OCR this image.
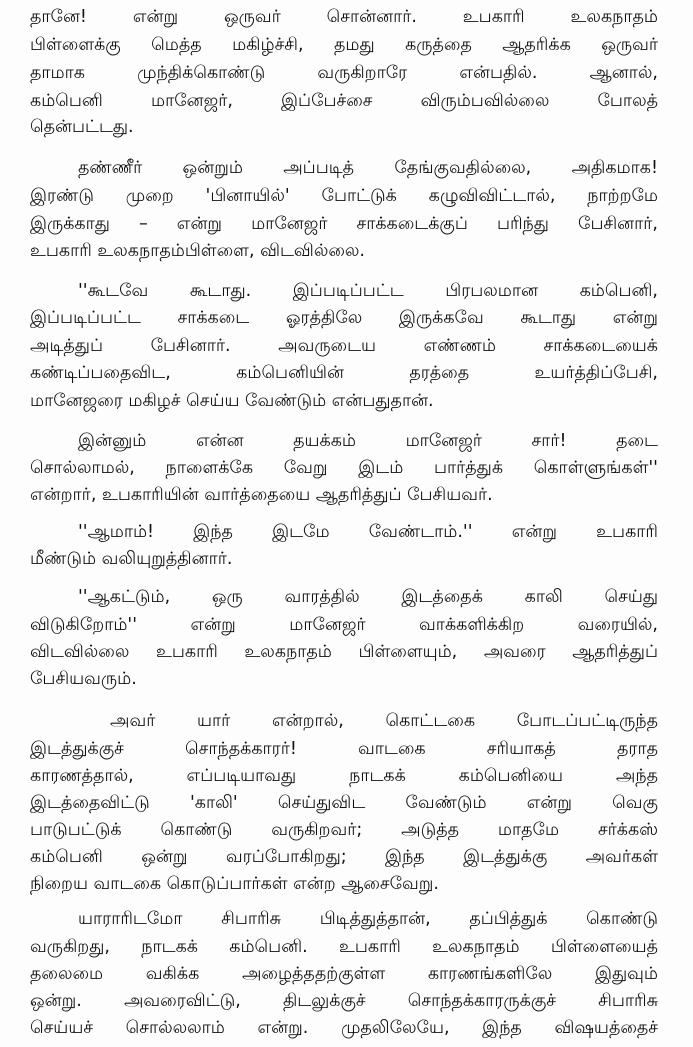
தானே! என்று ஒருவர் சொன்னார். உபகாரி உலகநாதம்
பிள்ளைக்கு மெத்த மகிழ்ச்சி, தமது கருத்தை ஆதரிக்க ஒருவர்
தாமாக முந்திக்கொண்டு வருகிறாரே என்பதில். ஆனால்,
கம்பெனி மானேஜர், இப்பேச்சை விரும்பவில்லை போலத்
தென்பட்டது.
தண்ணீர் ஒன்றும் அப்படித் தேங்குவதில்லை, அதிகமாக!
இரண்டு முறை 'பினாயில்' போட்டுக் கழுவிவிட்டால், நாற்றமே
இருக்காது – என்று மானேஜர் சாக்கடைக்குப் பரிந்து பேசினார்,
உபகாரி உலகநாதம்பிள்ளை, விடவில்லை.
''கூடவே கூடாது. இப்படிப்பட்ட பிரபலமான கம்பெனி,
இப்படிப்பட்ட சாக்கடை ஓரத்திலே இருக்கவே கூடாது என்று
அடித்துப் பேசினார். அவருடைய எண்ணம் சாக்கடையைக்
கண்டிப்பதைவிட, கம்பெனியின் தரத்தை உயர்த்திப்பேசி,
மானேஜரை மகிழச் செய்ய வேண்டும் என்பதுதான்.
இன்னும் என்ன தயக்கம் மானேஜர் சார்! தடை
சொல்லாமல், நாளைக்கே வேறு இடம் பார்த்துக் கொள்ளுங்கள்''
என்றார், உபகாரியின் வார்த்தையை ஆதரித்துப் பேசியவர்.
''ஆமாம்! இந்த இடமே வேண்டாம்.'' என்று உபகாரி
மீண்டும் வலியுறுத்தினார்.
''ஆகட்டும், ஒரு வாரத்தில் இடத்தைக் காலி செய்து
விடுகிறோம்'' என்று மானேஜர் வாக்களிக்கிற வரையில்,
விடவில்லை உபகாரி உலகநாதம் பிள்ளையும், அவரை ஆதரித்துப்
பேசியவரும்.
அவர் யார் என்றால், கொட்டகை போடப்பட்டிருந்த
இடத்துக்குச் சொந்தக்காரர்! வாடகை சரியாகத் தராத
காரணத்தால், எப்படியாவது நாடகக் கம்பெனியை அந்த
இடத்தைவிட்டு 'காலி' செய்துவிட வேண்டும் என்று வெகு
பாடுபட்டுக் கொண்டு வருகிறவர்; அடுத்த மாதமே சர்க்கஸ்
கம்பெனி ஒன்று வரப்போகிறது; இந்த இடத்துக்கு அவர்கள்
நிறைய வாடகை கொடுப்பார்கள் என்ற ஆசைவேறு.
யாராரிடமோ சிபாரிசு பிடித்துத்தான், தப்பித்துக் கொண்டு
வருகிறது, நாடகக் கம்பெனி. உபகாரி உலகநாதம் பிள்ளையைத்
தலைமை வகிக்க அழைத்ததற்குள்ள காரணங்களிலே இதுவும்
ஒன்று. அவரைவிட்டு, திடலுக்குச் சொந்தக்காரருக்குச் சிபாரிசு
செய்யச் சொல்லலாம் என்று. முதலிலேயே, இந்த விஷயத்தைச்
